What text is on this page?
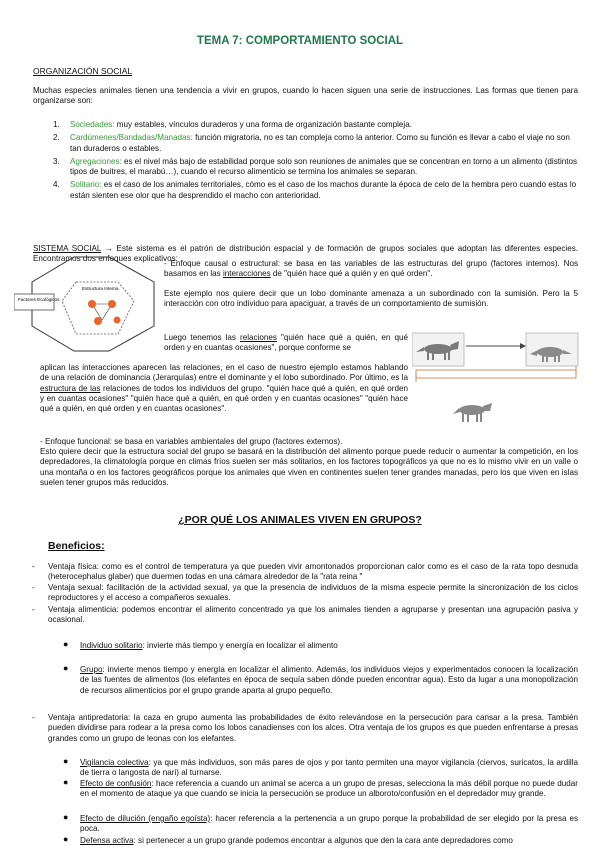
TEMA 7: COMPORTAMIENTO SOCIAL
ORGANIZACIÓN SOCIAL

Muchas especies animales tienen una tendencia a vivir en grupos, cuando lo hacen siguen una serie de instrucciones. Las formas que tienen para organizarse son:

1. Sociedades: muy estables, vínculos duraderos y una forma de organización bastante compleja.
2. Cardúmenes/Bandadas/Manadas: función migratoria, no es tan compleja como la anterior. Como su función es llevar a cabo el viaje no son tan duraderos o estables.
3. Agregaciones: es el nivel más bajo de estabilidad porque solo son reuniones de animales que se concentran en torno a un alimento (distintos tipos de buitres, el marabú…), cuando el recurso alimenticio se termina los animales se separan.
4. Solitario: es el caso de los animales territoriales, cómo es el caso de los machos durante la época de celo de la hembra pero cuando estas lo están sienten ese olor que ha desprendido el macho con anterioridad.

SISTEMA SOCIAL → Este sistema es el patrón de distribución espacial y de formación de grupos sociales que adoptan las diferentes especies. Encontramos dos enfoques explicativos:

Factores Ecológicos
Estructura Interna

- Enfoque causal o estructural: se basa en las variables de las estructuras del grupo (factores internos). Nos basamos en las interacciones de "quién hace qué a quién y en qué orden".

Este ejemplo nos quiere decir que un lobo dominante amenaza a un subordinado con la sumisión. Pero la 5 interacción con otro individuo para apaciguar, a través de un comportamiento de sumisión.

Luego tenemos las relaciones "quién hace qué a quién, en qué orden y en cuantas ocasiones", porque conforme se

aplican las interacciones aparecen las relaciones, en el caso de nuestro ejemplo estamos hablando de una relación de dominancia (Jerarquías) entre el dominante y el lobo subordinado. Por último, es la estructura de las relaciones de todos los individuos del grupo. "quién hace qué a quién, en qué orden y en cuantas ocasiones" "quién hace qué a quién, en qué orden y en cuantas ocasiones" "quién hace qué a quién, en qué orden y en cuantas ocasiones".

- Enfoque funcional: se basa en variables ambientales del grupo (factores externos).

Esto quiere decir que la estructura social del grupo se basará en la distribución del alimento porque puede reducir o aumentar la competición, en los depredadores, la climatología porque en climas fríos suelen ser más solitarios, en los factores topográficos ya que no es lo mismo vivir en un valle o una montaña o en los factores geográficos porque los animales que viven en continentes suelen tener grandes manadas, pero los que viven en islas suelen tener grupos más reducidos.

¿POR QUÉ LOS ANIMALES VIVEN EN GRUPOS?
Beneficios:
- Ventaja física: como es el control de temperatura ya que pueden vivir amontonados proporcionan calor como es el caso de la rata topo desnuda (heterocephalus glaber) que duermen todas en una cámara alrededor de la "rata reina "

- Ventaja sexual: facilitación de la actividad sexual, ya que la presencia de individuos de la misma especie permite la sincronización de los ciclos reproductores y el acceso a compañeros sexuales.

- Ventaja alimenticia: podemos encontrar el alimento concentrado ya que los animales tienden a agruparse y presentan una agrupación pasiva y ocasional.

● Individuo solitario: invierte más tiempo y energía en localizar el alimento

● Grupo: invierte menos tiempo y energía en localizar el alimento. Además, los individuos viejos y experimentados conocen la localización de las fuentes de alimentos (los elefantes en época de sequía saben dónde pueden encontrar agua). Esto da lugar a una monopolización de recursos alimenticios por el grupo grande aparta al grupo pequeño.

- Ventaja antipredatoria: la caza en grupo aumenta las probabilidades de éxito relevándose en la persecución para cansar a la presa. También pueden dividirse para rodear a la presa como los lobos canadienses con los alces. Otra ventaja de los grupos es que pueden enfrentarse a presas grandes como un grupo de leonas con los elefantes.

● Vigilancia colectiva: ya que más individuos, son más pares de ojos y por tanto permiten una mayor vigilancia (ciervos, suricatos, la ardilla de tierra o langosta de nari) al turnarse.

● Efecto de confusión: hace referencia a cuando un animal se acerca a un grupo de presas, selecciona la más débil porque no puede dudar en el momento de ataque ya que cuando se inicia la persecución se produce un alboroto/confusión en el depredador muy grande.

● Efecto de dilución (engaño egoísta): hacer referencia a la pertenencia a un grupo porque la probabilidad de ser elegido por la presa es poca.

● Defensa activa: si pertenecer a un grupo grande podemos encontrar a algunos que den la cara ante depredadores como
